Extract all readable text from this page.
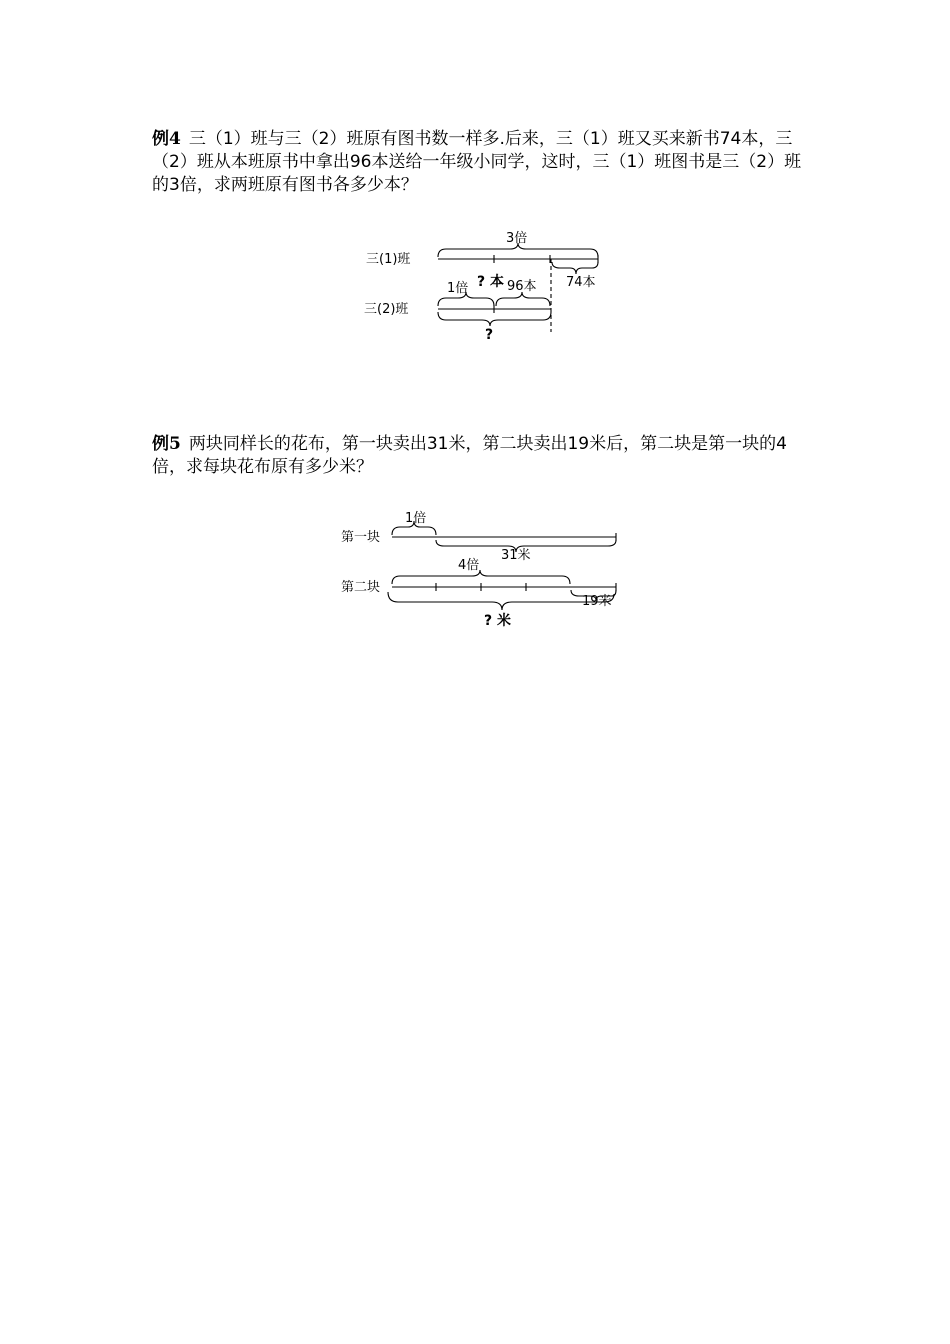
例4 三（1）班与三（2）班原有图书数一样多.后来，三（1）班又买来新书74本，三（2）班从本班原书中拿出96本送给一年级小同学，这时，三（1）班图书是三（2）班的3倍，求两班原有图书各多少本？
例5 两块同样长的花布，第一块卖出31米，第二块卖出19米后，第二块是第一块的4倍，求每块花布原有多少米？
三(1)班
三(2)班
3倍
74本
1倍 ? 本 96本
?
第一块
第二块
1倍
31米
4倍
19米
? 米
